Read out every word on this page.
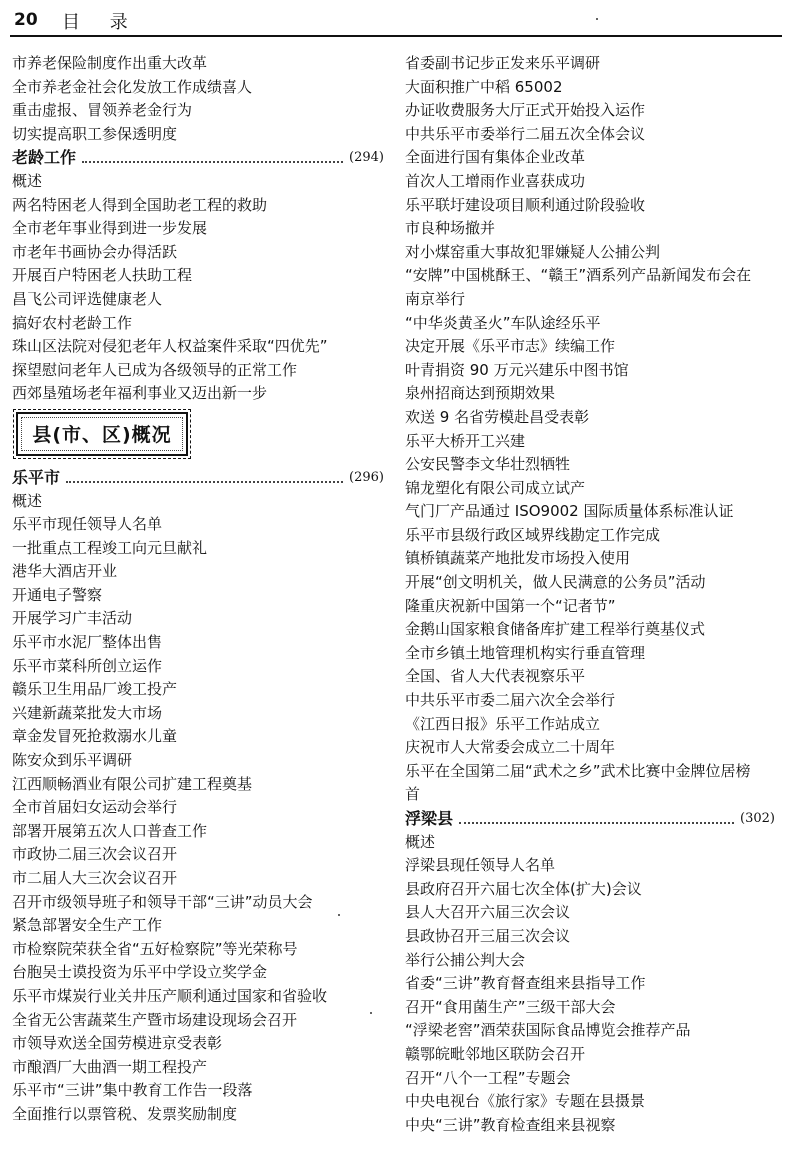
20 目 录
市养老保险制度作出重大改革
全市养老金社会化发放工作成绩喜人
重击虚报、冒领养老金行为
切实提高职工参保透明度
老龄工作	(294)
概述
两名特困老人得到全国助老工程的救助
全市老年事业得到进一步发展
市老年书画协会办得活跃
开展百户特困老人扶助工程
昌飞公司评选健康老人
搞好农村老龄工作
珠山区法院对侵犯老年人权益案件采取“四优先”
探望慰问老年人已成为各级领导的正常工作
西郊垦殖场老年福利事业又迈出新一步
县(市、区)概况
乐平市	(296)
概述
乐平市现任领导人名单
一批重点工程竣工向元旦献礼
港华大酒店开业
开通电子警察
开展学习广丰活动
乐平市水泥厂整体出售
乐平市菜科所创立运作
赣乐卫生用品厂竣工投产
兴建新蔬菜批发大市场
章金发冒死抢救溺水儿童
陈安众到乐平调研
江西顺畅酒业有限公司扩建工程奠基
全市首届妇女运动会举行
部署开展第五次人口普查工作
市政协二届三次会议召开
市二届人大三次会议召开
召开市级领导班子和领导干部“三讲”动员大会
紧急部署安全生产工作
市检察院荣获全省“五好检察院”等光荣称号
台胞吴士谟投资为乐平中学设立奖学金
乐平市煤炭行业关井压产顺利通过国家和省验收
全省无公害蔬菜生产暨市场建设现场会召开
市领导欢送全国劳模进京受表彰
市酿酒厂大曲酒一期工程投产
乐平市“三讲”集中教育工作告一段落
全面推行以票管税、发票奖励制度
省委副书记步正发来乐平调研
大面积推广中稻 65002
办证收费服务大厅正式开始投入运作
中共乐平市委举行二届五次全体会议
全面进行国有集体企业改革
首次人工增雨作业喜获成功
乐平联圩建设项目顺利通过阶段验收
市良种场撤并
对小煤窑重大事故犯罪嫌疑人公捕公判
“安牌”中国桃酥王、“赣王”酒系列产品新闻发布会在
南京举行
“中华炎黄圣火”车队途经乐平
决定开展《乐平市志》续编工作
叶青捐资 90 万元兴建乐中图书馆
泉州招商达到预期效果
欢送 9 名省劳模赴昌受表彰
乐平大桥开工兴建
公安民警李文华壮烈牺牲
锦龙塑化有限公司成立试产
气门厂产品通过 ISO9002 国际质量体系标准认证
乐平市县级行政区域界线勘定工作完成
镇桥镇蔬菜产地批发市场投入使用
开展“创文明机关，做人民满意的公务员”活动
隆重庆祝新中国第一个“记者节”
金鹅山国家粮食储备库扩建工程举行奠基仪式
全市乡镇土地管理机构实行垂直管理
全国、省人大代表视察乐平
中共乐平市委二届六次全会举行
《江西日报》乐平工作站成立
庆祝市人大常委会成立二十周年
乐平在全国第二届“武术之乡”武术比赛中金牌位居榜
首
浮梁县	(302)
概述
浮梁县现任领导人名单
县政府召开六届七次全体(扩大)会议
县人大召开六届三次会议
县政协召开三届三次会议
举行公捕公判大会
省委“三讲”教育督查组来县指导工作
召开“食用菌生产”三级干部大会
“浮梁老窖”酒荣获国际食品博览会推荐产品
赣鄂皖毗邻地区联防会召开
召开“八个一工程”专题会
中央电视台《旅行家》专题在县摄景
中央“三讲”教育检查组来县视察
